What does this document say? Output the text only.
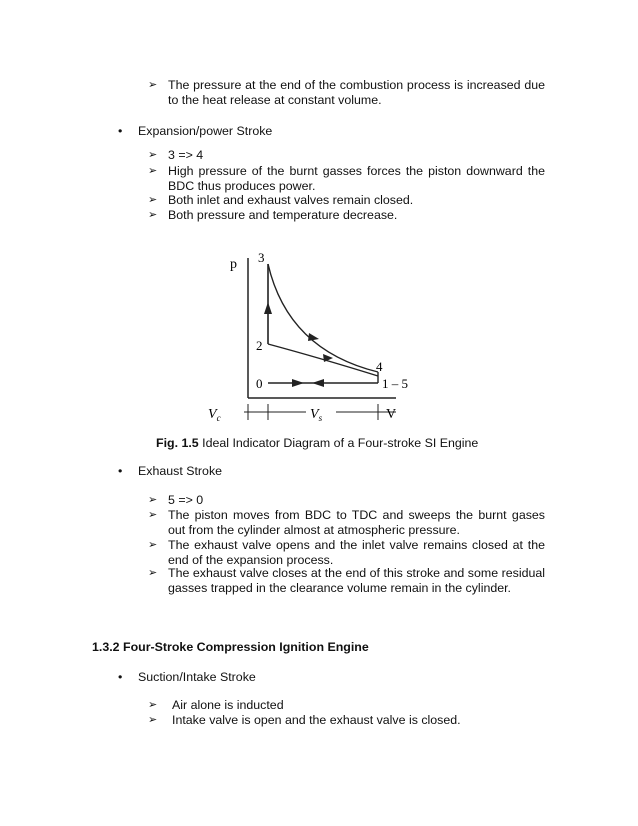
➢ The pressure at the end of the combustion process is increased due to the heat release at constant volume.
• Expansion/power Stroke
➢ 3 => 4
➢ High pressure of the burnt gasses forces the piston downward the BDC thus produces power.
➢ Both inlet and exhaust valves remain closed.
➢ Both pressure and temperature decrease.
p 3
2
0
4
1 – 5
$V_c$	$V_s$	V
Fig. 1.5 Ideal Indicator Diagram of a Four-stroke SI Engine
• Exhaust Stroke
➢ 5 => 0
➢ The piston moves from BDC to TDC and sweeps the burnt gases out from the cylinder almost at atmospheric pressure.
➢ The exhaust valve opens and the inlet valve remains closed at the end of the expansion process.
➢ The exhaust valve closes at the end of this stroke and some residual gasses trapped in the clearance volume remain in the cylinder.
1.3.2 Four-Stroke Compression Ignition Engine
• Suction/Intake Stroke
➢	Air alone is inducted
➢	Intake valve is open and the exhaust valve is closed.
